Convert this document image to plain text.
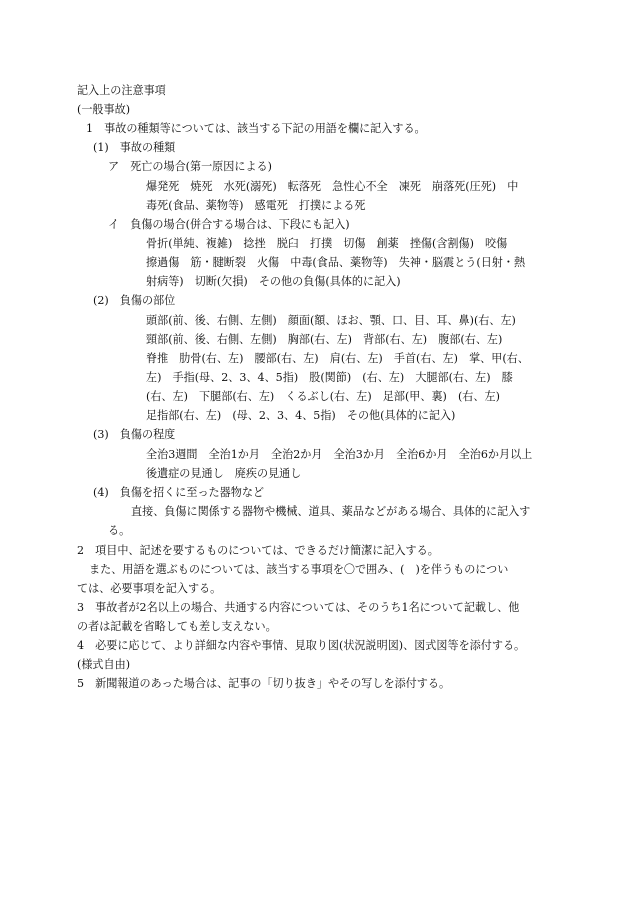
記入上の注意事項

(一般事故)

1　事故の種類等については、該当する下記の用語を欄に記入する。

(1)　事故の種類

ア　死亡の場合(第一原因による)

爆発死　焼死　水死(溺死)　転落死　急性心不全　凍死　崩落死(圧死)　中

毒死(食品、薬物等)　感電死　打撲による死

イ　負傷の場合(併合する場合は、下段にも記入)

骨折(単純、複雑)　捻挫　脱臼　打撲　切傷　創薬　挫傷(含割傷)　咬傷

擦過傷　筋・腱断裂　火傷　中毒(食品、薬物等)　失神・脳震とう(日射・熱

射病等)　切断(欠損)　その他の負傷(具体的に記入)

(2)　負傷の部位

頭部(前、後、右側、左側)　顔面(額、ほお、顎、口、目、耳、鼻)(右、左)

頸部(前、後、右側、左側)　胸部(右、左)　背部(右、左)　腹部(右、左)

脊推　肋骨(右、左)　腰部(右、左)　肩(右、左)　手首(右、左)　掌、甲(右、

左)　手指(母、2、3、4、5指)　股(関節)　(右、左)　大腿部(右、左)　膝

(右、左)　下腿部(右、左)　くるぶし(右、左)　足部(甲、裏)　(右、左)

足指部(右、左)　(母、2、3、4、5指)　その他(具体的に記入)

(3)　負傷の程度

全治3週間　全治1か月　全治2か月　全治3か月　全治6か月　全治6か月以上

後遺症の見通し　廃疾の見通し

(4)　負傷を招くに至った器物など

直接、負傷に関係する器物や機械、道具、薬品などがある場合、具体的に記入す

る。

2　項目中、記述を要するものについては、できるだけ簡潔に記入する。

また、用語を選ぶものについては、該当する事項を〇で囲み、(　)を伴うものについ

ては、必要事項を記入する。

3　事故者が2名以上の場合、共通する内容については、そのうち1名について記載し、他

の者は記載を省略しても差し支えない。

4　必要に応じて、より詳細な内容や事情、見取り図(状況説明図)、図式図等を添付する。

(様式自由)

5　新聞報道のあった場合は、記事の「切り抜き」やその写しを添付する。
